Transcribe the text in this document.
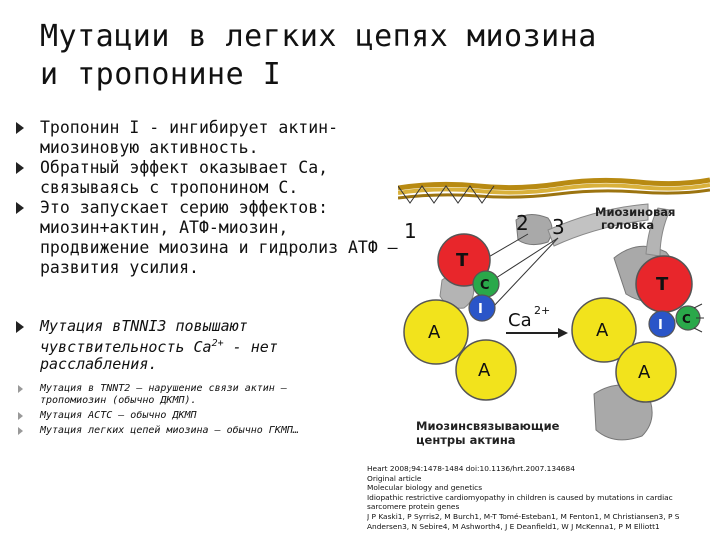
Мутации в легких цепях миозина
и тропонине I
Тропонин I - ингибирует актин-миозиновую активность.
Обратный эффект оказывает Са, связываясь с тропонином С.
Это запускает серию эффектов: миозин+актин, АТФ-миозин, продвижение миозина и гидролиз АТФ – развития усилия.
Мутация вTNNI3 повышают чувствительность $Са^{2+}$ - нет расслабления.
Мутация в TNNT2 – нарушение связи актин – тропомиозин (обычно ДКМП).
Мутация ACTC – обычно ДКМП
Мутация легких цепей миозина – обычно ГКМП…
Миозиновая
головка
1	2 3
T
C
I
A
A
Ca 2+
T
I C
A
A
Миозинсвязывающие
центры актина
Heart 2008;94:1478-1484 doi:10.1136/hrt.2007.134684
Original article
Molecular biology and genetics
Idiopathic restrictive cardiomyopathy in children is caused by mutations in cardiac
sarcomere protein genes
J P Kaski1, P Syrris2, M Burch1, M-T Tomé-Esteban1, M Fenton1, M Christiansen3, P S
Andersen3, N Sebire4, M Ashworth4, J E Deanfield1, W J McKenna1, P M Elliott1
